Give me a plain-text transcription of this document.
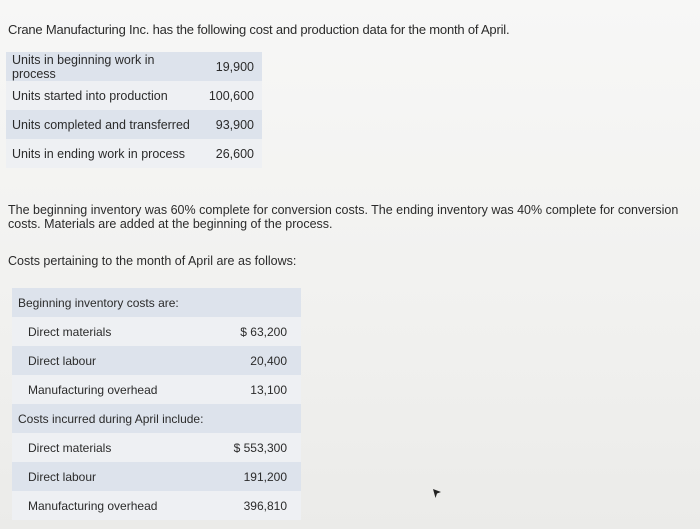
Crane Manufacturing Inc. has the following cost and production data for the month of April.
Units in beginning work in process	19,900
Units started into production	100,600
Units completed and transferred	93,900
Units in ending work in process	26,600
The beginning inventory was 60% complete for conversion costs. The ending inventory was 40% complete for conversion costs. Materials are added at the beginning of the process.
Costs pertaining to the month of April are as follows:
Beginning inventory costs are:	
Direct materials	$ 63,200
Direct labour	20,400
Manufacturing overhead	13,100
Costs incurred during April include:	
Direct materials	$ 553,300
Direct labour	191,200
Manufacturing overhead	396,810
